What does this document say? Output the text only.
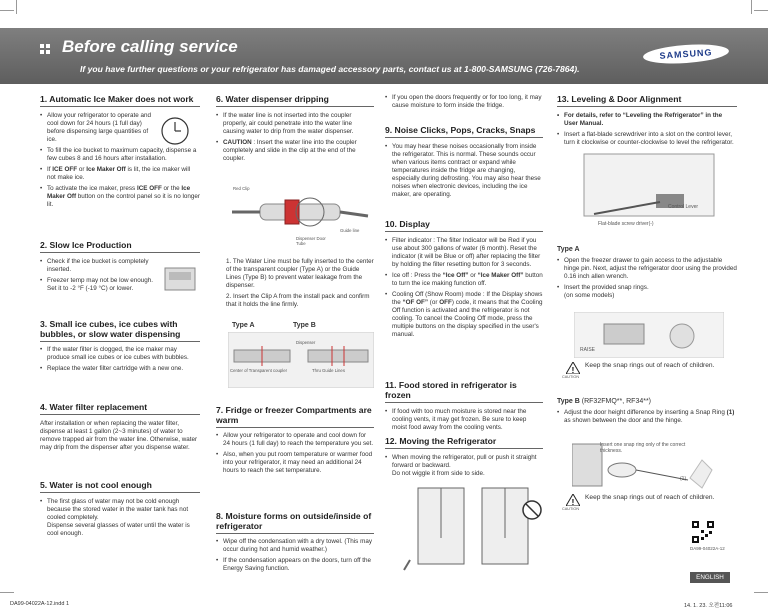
Before calling service
If you have further questions or your refrigerator has damaged accessory parts, contact us at 1-800-SAMSUNG (726-7864).
SAMSUNG
1. Automatic Ice Maker does not work
• Allow your refrigerator to operate and cool down for 24 hours (1 full day) before dispensing large quantities of ice.
• To fill the ice bucket to maximum capacity, dispense a few cubes 8 and 16 hours after installation.
• If ICE OFF or Ice Maker Off is lit, the ice maker will not make ice.
• To activate the ice maker, press ICE OFF or the Ice Maker Off button on the control panel so it is no longer lit.
2. Slow Ice Production
• Check if the ice bucket is completely inserted.
• Freezer temp may not be low enough.
Set it to -2 °F (-19 °C) or lower.
3. Small ice cubes, ice cubes with bubbles, or slow water dispensing
• If the water filter is clogged, the ice maker may produce small ice cubes or ice cubes with bubbles.
• Replace the water filter cartridge with a new one.
4. Water filter replacement

After installation or when replacing the water filter, dispense at least 1 gallon (2~3 minutes) of water to remove trapped air from the water line. Otherwise, water may drip from the dispenser after you dispense water.

5. Water is not cool enough
• The first glass of water may not be cold enough because the stored water in the water tank has not cooled completely.
Dispense several glasses of water until the water is cool enough.
6. Water dispenser dripping
• If the water line is not inserted into the coupler properly, air could penetrate into the water line causing water to drip from the water dispenser.
• CAUTION : Insert the water line into the coupler completely and slide in the clip at the end of the coupler.
Red Clip
Guide line
Dispenser Door Tube

1. The Water Line must be fully inserted to the center of the transparent coupler (Type A) or the Guide Lines (Type B) to prevent water leakage from the dispenser.

2. Insert the Clip A from the install pack and confirm that it holds the line firmly.

Type A	Type B
Center of Transparent coupler
Dispenser
Thru Guide Lines
7. Fridge or freezer Compartments are warm
• Allow your refrigerator to operate and cool down for 24 hours (1 full day) to reach the temperature you set.
• Also, when you put room temperature or warmer food into your refrigerator, it may need an additional 24 hours to reach the set temperature.
8. Moisture forms on outside/inside of refrigerator
• Wipe off the condensation with a dry towel. (This may occur during hot and humid weather.)
• If the condensation appears on the doors, turn off the Energy Saving function.
• If you open the doors frequently or for too long, it may cause moisture to form inside the fridge.
9. Noise Clicks, Pops, Cracks, Snaps
• You may hear these noises occasionally from inside the refrigerator. This is normal. These sounds occur when various items contract or expand while temperatures inside the fridge are changing, especially during defrosting. You may also hear these noises when electronic devices, including the ice maker, are operating.
10. Display
• Filter indicator : The filter Indicator will be Red if you use about 300 gallons of water (6 month). Reset the indicator (it will be Blue or off) after replacing the filter by holding the filter resetting button for 3 seconds.
• Ice off : Press the “Ice Off” or “Ice Maker Off” button to turn the ice making function off.
• Cooling Off (Show Room) mode : If the Display shows the “OF OF” (or OFF) code, it means that the Cooling Off function is activated and the refrigerator is not cooling. To cancel the Cooling Off mode, press the multiple buttons on the display specified in the user's manual.
11. Food stored in refrigerator is frozen
• If food with too much moisture is stored near the cooling vents, it may get frozen. Be sure to keep moist food away from the cooling vents.
12. Moving the Refrigerator
• When moving the refrigerator, pull or push it straight forward or backward.
Do not wiggle it from side to side.
13. Leveling & Door Alignment
• For details, refer to “Leveling the Refrigerator” in the User Manual.
• Insert a flat-blade screwdriver into a slot on the control lever, turn it clockwise or counter-clockwise to level the refrigerator.
Control Lever
Flat-blade screw driver(-)

Type A

• Open the freezer drawer to gain access to the adjustable hinge pin. Next, adjust the refrigerator door using the provided 0.16 inch allen wrench.
• Insert the provided snap rings.
(on some models)
RAISE
!
CAUTION
Keep the snap rings out of reach of children.

Type B (RF32FMQ**, RF34**)

• Adjust the door height difference by inserting a Snap Ring (1) as shown between the door and the hinge.
Insert one snap ring only of the correct thickness.
(1)
!
CAUTION
Keep the snap rings out of reach of children.
DA99-04022A-12
ENGLISH
DA99-04022A-12.indd 1	14. 1. 23. 오전11:06
